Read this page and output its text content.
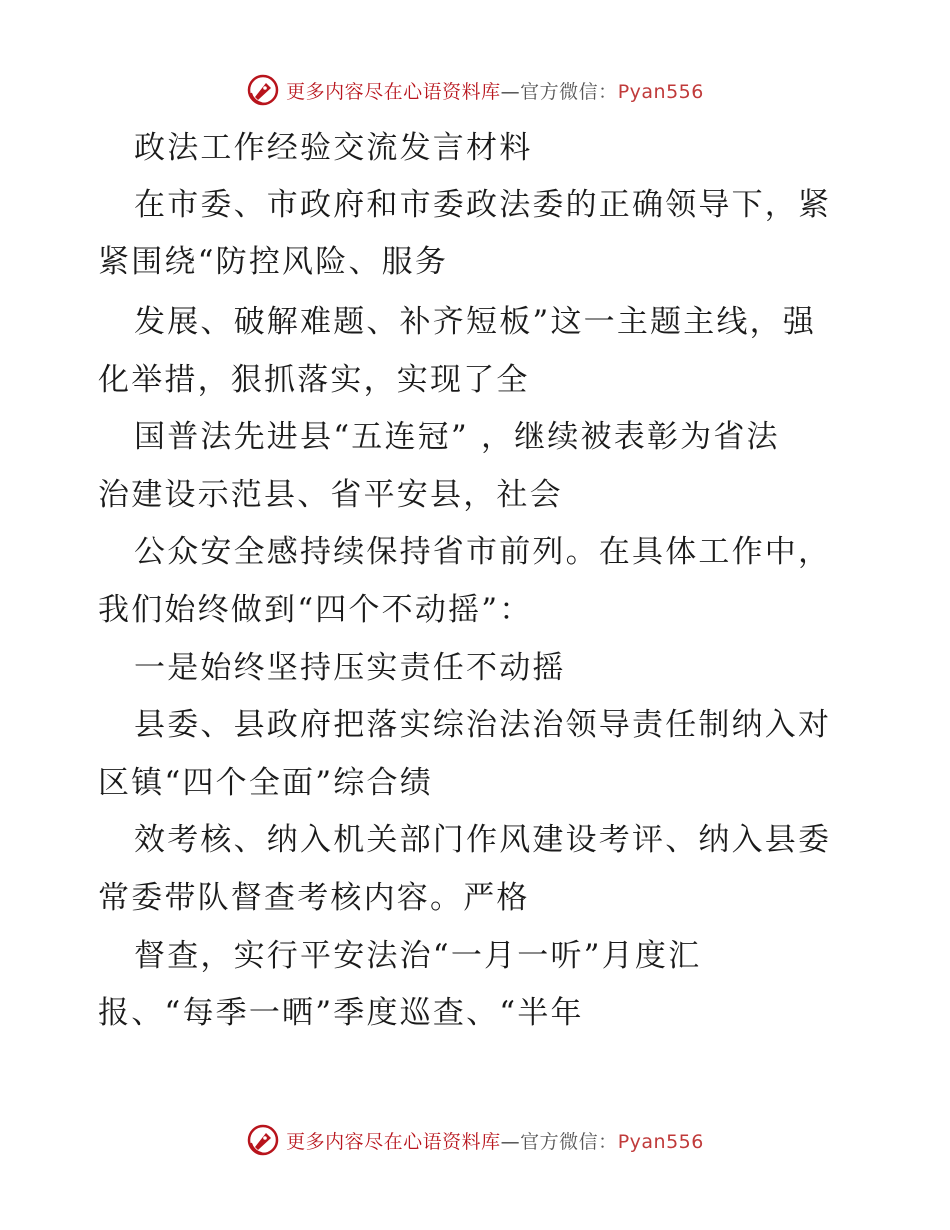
更多内容尽在心语资料库—官方微信：Pyan556
政法工作经验交流发言材料
在市委、市政府和市委政法委的正确领导下，紧
紧围绕“防控风险、服务
发展、破解难题、补齐短板”这一主题主线，强
化举措，狠抓落实，实现了全
国普法先进县“五连冠” ，继续被表彰为省法
治建设示范县、省平安县，社会
公众安全感持续保持省市前列。在具体工作中，
我们始终做到“四个不动摇”：
一是始终坚持压实责任不动摇
县委、县政府把落实综治法治领导责任制纳入对
区镇“四个全面”综合绩
效考核、纳入机关部门作风建设考评、纳入县委
常委带队督查考核内容。严格
督查，实行平安法治“一月一听”月度汇
报、“每季一晒”季度巡查、“半年
更多内容尽在心语资料库—官方微信：Pyan556
